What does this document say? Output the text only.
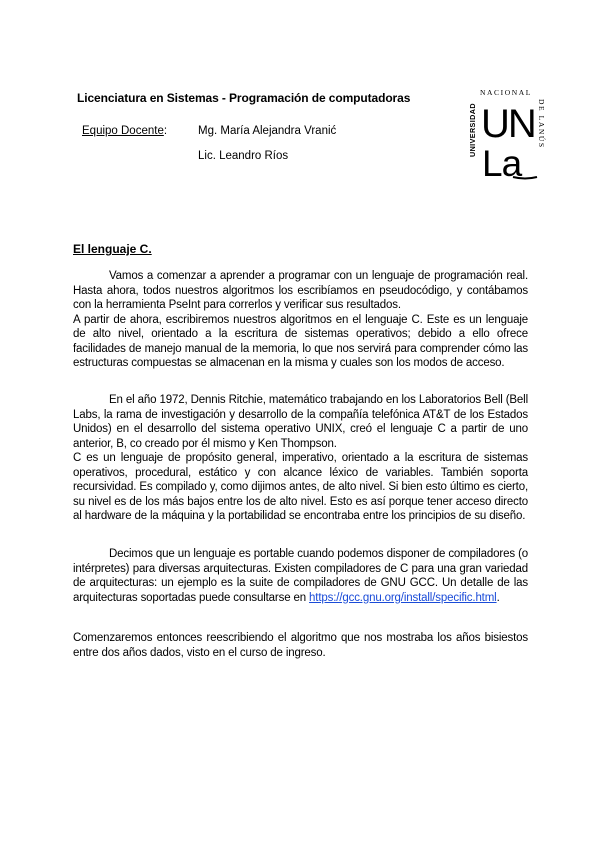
Licenciatura en Sistemas - Programación de computadoras
Equipo Docente:	Mg. María Alejandra Vranić
Lic. Leandro Ríos	UNIVERSIDAD
NACIONAL
DE LANÚS
UN
La
El lenguaje C.

Vamos a comenzar a aprender a programar con un lenguaje de programación real. Hasta ahora, todos nuestros algoritmos los escribíamos en pseudocódigo, y contábamos con la herramienta PseInt para correrlos y verificar sus resultados.

A partir de ahora, escribiremos nuestros algoritmos en el lenguaje C. Este es un lenguaje de alto nivel, orientado a la escritura de sistemas operativos; debido a ello ofrece facilidades de manejo manual de la memoria, lo que nos servirá para comprender cómo las estructuras compuestas se almacenan en la misma y cuales son los modos de acceso.

En el año 1972, Dennis Ritchie, matemático trabajando en los Laboratorios Bell (Bell Labs, la rama de investigación y desarrollo de la compañía telefónica AT&T de los Estados Unidos) en el desarrollo del sistema operativo UNIX, creó el lenguaje C a partir de uno anterior, B, co creado por él mismo y Ken Thompson.

C es un lenguaje de propósito general, imperativo, orientado a la escritura de sistemas operativos, procedural, estático y con alcance léxico de variables. También soporta recursividad. Es compilado y, como dijimos antes, de alto nivel. Si bien esto último es cierto, su nivel es de los más bajos entre los de alto nivel. Esto es así porque tener acceso directo al hardware de la máquina y la portabilidad se encontraba entre los principios de su diseño.

Decimos que un lenguaje es portable cuando podemos disponer de compiladores (o intérpretes) para diversas arquitecturas. Existen compiladores de C para una gran variedad de arquitecturas: un ejemplo es la suite de compiladores de GNU GCC. Un detalle de las arquitecturas soportadas puede consultarse en https://gcc.gnu.org/install/specific.html.

Comenzaremos entonces reescribiendo el algoritmo que nos mostraba los años bisiestos entre dos años dados, visto en el curso de ingreso.
